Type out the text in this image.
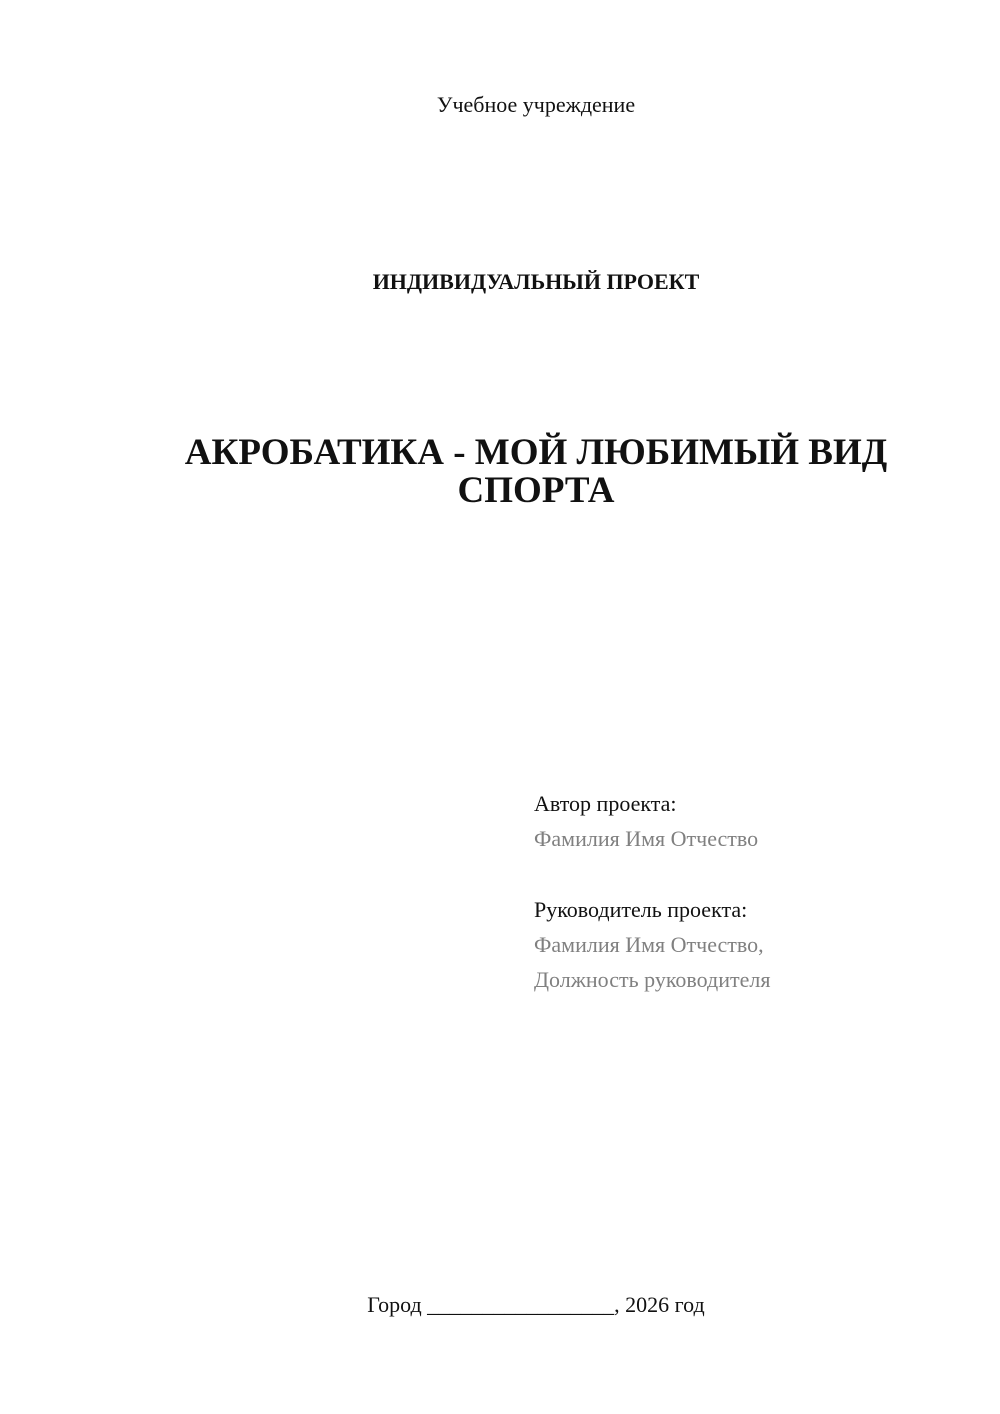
Учебное учреждение
ИНДИВИДУАЛЬНЫЙ ПРОЕКТ
АКРОБАТИКА - МОЙ ЛЮБИМЫЙ ВИД
СПОРТА
Автор проекта:
Фамилия Имя Отчество
Руководитель проекта:
Фамилия Имя Отчество,
Должность руководителя
Город _________________, 2026 год
